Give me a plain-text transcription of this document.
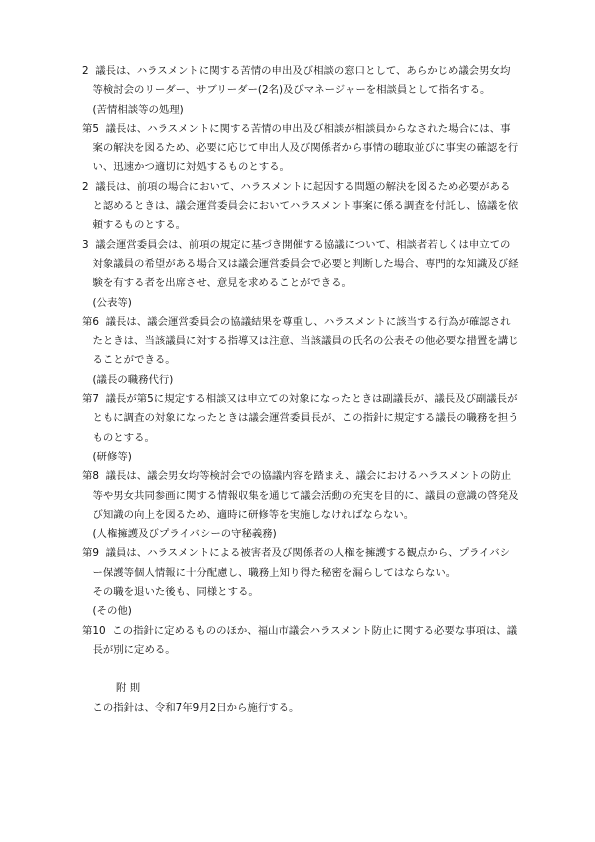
2 議長は、ハラスメントに関する苦情の申出及び相談の窓口として、あらかじめ議会男女均等検討会のリーダー、サブリーダー(2名)及びマネージャーを相談員として指名する。

(苦情相談等の処理)

第5 議長は、ハラスメントに関する苦情の申出及び相談が相談員からなされた場合には、事案の解決を図るため、必要に応じて申出人及び関係者から事情の聴取並びに事実の確認を行い、迅速かつ適切に対処するものとする。

2 議長は、前項の場合において、ハラスメントに起因する問題の解決を図るため必要があると認めるときは、議会運営委員会においてハラスメント事案に係る調査を付託し、協議を依頼するものとする。

3 議会運営委員会は、前項の規定に基づき開催する協議について、相談者若しくは申立ての対象議員の希望がある場合又は議会運営委員会で必要と判断した場合、専門的な知識及び経験を有する者を出席させ、意見を求めることができる。

(公表等)

第6 議長は、議会運営委員会の協議結果を尊重し、ハラスメントに該当する行為が確認されたときは、当該議員に対する指導又は注意、当該議員の氏名の公表その他必要な措置を講じることができる。

(議長の職務代行)

第7 議長が第5に規定する相談又は申立ての対象になったときは副議長が、議長及び副議長がともに調査の対象になったときは議会運営委員長が、この指針に規定する議長の職務を担うものとする。

(研修等)

第8 議長は、議会男女均等検討会での協議内容を踏まえ、議会におけるハラスメントの防止等や男女共同参画に関する情報収集を通じて議会活動の充実を目的に、議員の意識の啓発及び知識の向上を図るため、適時に研修等を実施しなければならない。

(人権擁護及びプライバシーの守秘義務)

第9 議員は、ハラスメントによる被害者及び関係者の人権を擁護する観点から、プライバシー保護等個人情報に十分配慮し、職務上知り得た秘密を漏らしてはならない。

その職を退いた後も、同様とする。

(その他)

第10 この指針に定めるもののほか、福山市議会ハラスメント防止に関する必要な事項は、議長が別に定める。

附 則

この指針は、令和7年9月2日から施行する。
